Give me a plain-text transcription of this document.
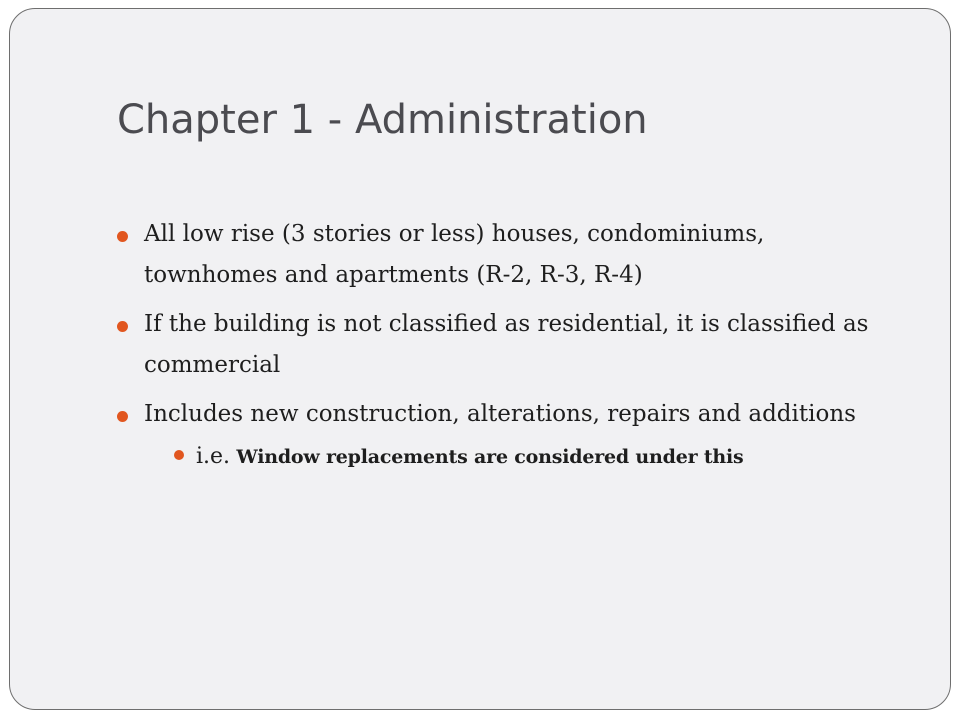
Chapter 1 - Administration
All low rise (3 stories or less) houses, condominiums, townhomes and apartments (R-2, R-3, R-4)
If the building is not classified as residential, it is classified as commercial
Includes new construction, alterations, repairs and additions
i.e. Window replacements are considered under this
